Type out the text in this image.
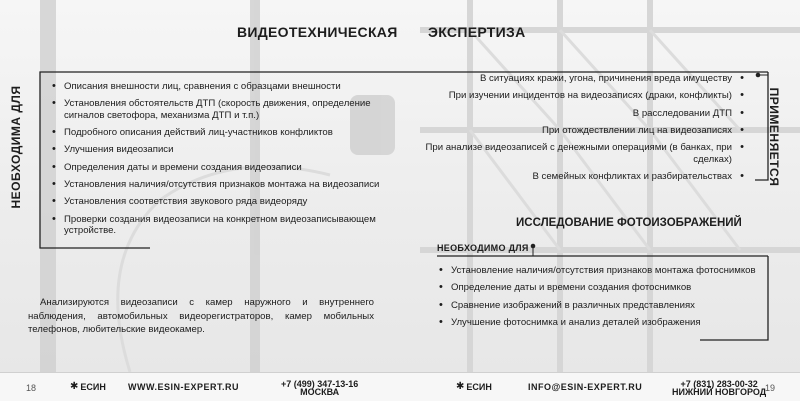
ВИДЕОТЕХНИЧЕСКАЯ ЭКСПЕРТИЗА
НЕОБХОДИМА ДЛЯ	ПРИМЕНЯЕТСЯ
• Описания внешности лиц, сравнения с образцами внешности
• Установления обстоятельств ДТП (скорость движения, определение сигналов светофора, механизма ДТП и т.п.)
• Подробного описания действий лиц-участников конфликтов
• Улучшения видеозаписи
• Определения даты и времени создания видеозаписи
• Установления наличия/отсутствия признаков монтажа на видеозаписи
• Установления соответствия звукового ряда видеоряду
• Проверки создания видеозаписи на конкретном видеозаписывающем устройстве.
В ситуациях кражи, угона, причинения вреда имуществу •
При изучении инцидентов на видеозаписях (драки, конфликты) •
В расследовании ДТП •
При отождествлении лиц на видеозаписях •
При анализе видеозаписей с денежными операциями (в банках, при сделках) •
В семейных конфликтах и разбирательствах •
ИССЛЕДОВАНИЕ ФОТОИЗОБРАЖЕНИЙ
НЕОБХОДИМО ДЛЯ
• Установление наличия/отсутствия признаков монтажа фотоснимков
• Определение даты и времени создания фотоснимков
• Сравнение изображений в различных представлениях
• Улучшение фотоснимка и анализ деталей изображения
Анализируются видеозаписи с камер наружного и внутреннего наблюдения, автомобильных видеорегистраторов, камер мобильных телефонов, любительские видеокамер.
18	✱ ЕСИН WWW.ESIN-EXPERT.RU	+7 (499) 347-13-16
МОСКВА	✱ ЕСИН	INFO@ESIN-EXPERT.RU	+7 (831) 283-00-32
НИЖНИЙ НОВГОРОД
19
